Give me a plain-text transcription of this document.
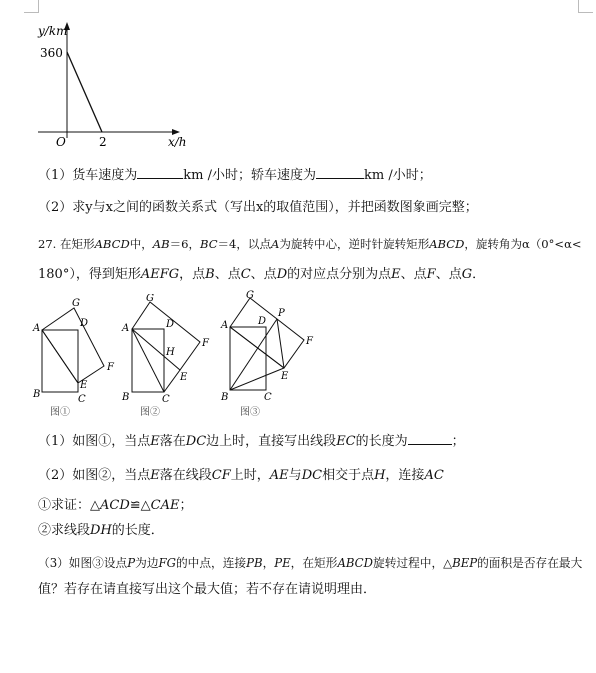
y/km
360
O	2	x/h
（1）货车速度为	km /小时；轿车速度为	km /小时；
（2）求y与x之间的函数关系式（写出x的取值范围），并把函数图象画完整；
27. 在矩形ABCD中，AB＝6，BC＝4，以点A为旋转中心，逆时针旋转矩形ABCD，旋转角为α（0°<α<
180°），得到矩形AEFG，点B、点C、点D的对应点分别为点E、点F、点G．
G
D
A
F
E
B	C
图①
G
A	D
H
F
E
B	C
图②
G
P
D
A
F
E
B	C
图③
（1）如图①，当点E落在DC边上时，直接写出线段EC的长度为	；
（2）如图②，当点E落在线段CF上时，AE与DC相交于点H，连接AC
①求证：△ACD≌△CAE；
②求线段DH的长度．
（3）如图③设点P为边FG的中点，连接PB，PE，在矩形ABCD旋转过程中，△BEP的面积是否存在最大
值？若存在请直接写出这个最大值；若不存在请说明理由．
